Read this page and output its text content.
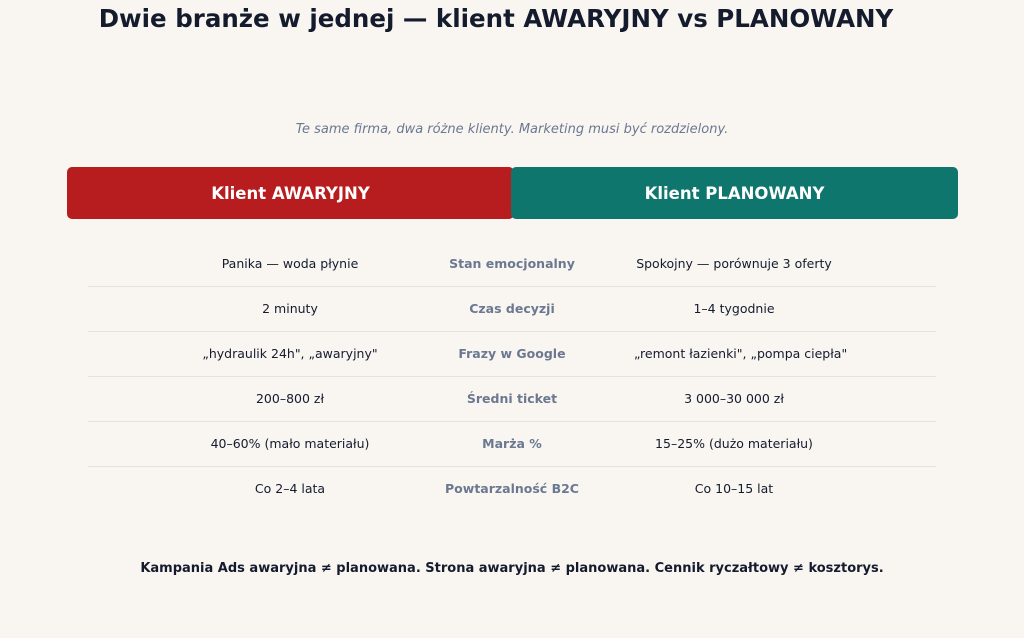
Dwie branże w jednej — klient AWARYJNY vs PLANOWANY
Te same firma, dwa różne klienty. Marketing musi być rozdzielony.
Klient AWARYJNY	Klient PLANOWANY
Panika — woda płynie	Stan emocjonalny	Spokojny — porównuje 3 oferty
2 minuty	Czas decyzji	1–4 tygodnie
„hydraulik 24h", „awaryjny"	Frazy w Google	„remont łazienki", „pompa ciepła"
200–800 zł	Średni ticket	3 000–30 000 zł
40–60% (mało materiału)	Marża %	15–25% (dużo materiału)
Co 2–4 lata	Powtarzalność B2C	Co 10–15 lat
Kampania Ads awaryjna ≠ planowana. Strona awaryjna ≠ planowana. Cennik ryczałtowy ≠ kosztorys.
